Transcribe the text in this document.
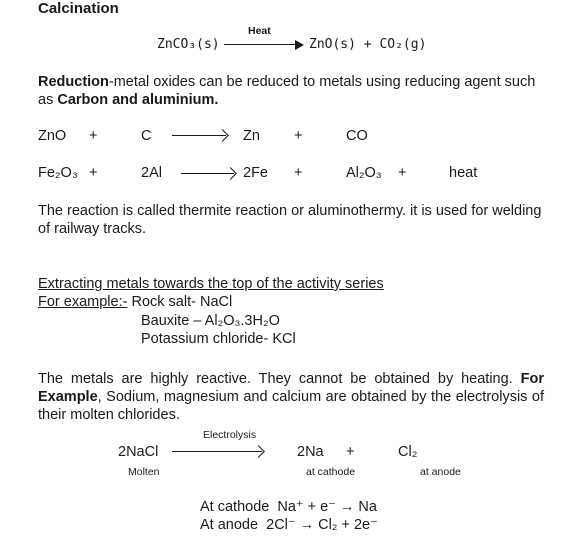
Calcination
Heat
ZnCO₃(s)	ZnO(s) + CO₂(g)
Reduction-metal oxides can be reduced to metals using reducing agent such as Carbon and aluminium.
ZnO +	C	Zn +	CO
Fe₂O₃ +	2Al	2Fe +	Al₂O₃ +	heat
The reaction is called thermite reaction or aluminothermy. it is used for welding of railway tracks.
Extracting metals towards the top of the activity series
For example:- Rock salt- NaCl
Bauxite – Al₂O₃.3H₂O
Potassium chloride- KCl
The metals are highly reactive. They cannot be obtained by heating. For Example, Sodium, magnesium and calcium are obtained by the electrolysis of their molten chlorides.
Electrolysis
2NaCl	2Na +	Cl₂
Molten	at cathode	at anode
At cathode Na⁺ + e⁻ → Na
At anode 2Cl⁻ → Cl₂ + 2e⁻
